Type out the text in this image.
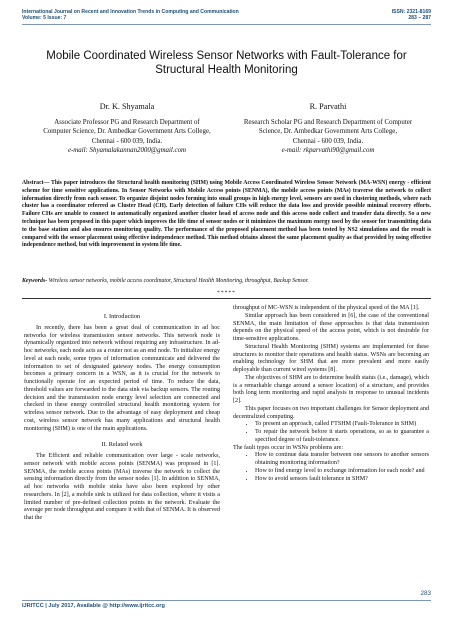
International Journal on Recent and Innovation Trends in Computing and Communication
Volume: 5 Issue: 7
ISSN: 2321-8169
283 – 287
Mobile Coordinated Wireless Sensor Networks with Fault-Tolerance for Structural Health Monitoring
Dr. K. Shyamala
Associate Professor PG and Research Department of
Computer Science, Dr. Ambedkar Government Arts College,
Chennai - 600 039, India.
e-mail: Shyamalakannan2000@gmail.com
R. Parvathi
Research Scholar PG and Research Department of Computer
Science, Dr. Ambedkar Government Arts College,
Chennai - 600 039, India.
e-mail: rkparvathi90@gmail.com
Abstract— This paper introduces the Structural health monitoring (SHM) using Mobile Access Coordinated Wireless Sensor Network (MA-WSN) energy - efficient scheme for time sensitive applications. In Sensor Networks with Mobile Access points (SENMA), the mobile access points (MAs) traverse the network to collect information directly from each sensor. To organize disjoint nodes forming into small groups in high energy level, sensors are used in clustering methods, where each cluster has a coordinator referred as Cluster Head (CH). Early detection of failure CHs will reduce the data loss and provide possible minimal recovery efforts. Failure CHs are unable to connect to automatically organized another cluster head of access node and this access node collect and transfer data directly. So a new technique has been proposed in this paper which improves the life time of sensor nodes or it minimizes the maximum energy used by the sensor for transmitting data to the base station and also ensures monitoring quality. The performance of the proposed placement method has been tested by NS2 simulations and the result is compared with the sensor placement using effective independence method. This method obtains almost the same placement quality as that provided by using effective independence method, but with improvement in system life time.
Keywords- Wireless sensor networks, mobile access coordinator, Structural Health Monitoring, throughput, Backup Sensor.
*****
I. Introduction

In recently, there has been a great deal of communication in ad hoc networks for wireless transmission sensor networks. This network node is dynamically organized into network without requiring any infrastructure. In ad- hoc networks, each node acts as a router not as an end node. To initialize energy level at each node, some types of information communicate and delivered the information to set of designated gateway nodes. The energy consumption becomes a primary concern in a WSN, as it is crucial for the network to functionally operate for an expected period of time. To reduce the data, threshold values are forwarded to the data sink via backup sensors. The routing decision and the transmission node energy level selection are connected and checked in these energy controlled structural health monitoring system for wireless sensor network. Due to the advantage of easy deployment and cheap cost, wireless sensor network has many applications and structural health monitoring (SHM) is one of the main applications.

II. Related work

The Efficient and reliable communication over large - scale networks, sensor network with mobile access points (SENMA) was proposed in [1]. SENMA, the mobile access points (MAs) traverse the network to collect the sensing information directly from the sensor nodes [1]. In addition to SENMA, ad hoc networks with mobile sinks have also been explored by other researchers. In [2], a mobile sink is utilized for data collection, where it visits a limited number of pre-defined collection points in the network. Evaluate the average per node throughput and compare it with that of SENMA. It is observed that the

throughput of MC-WSN is independent of the physical speed of the MA [1].

Similar approach has been considered in [6], the case of the conventional SENMA, the main limitation of these approaches is that data transmission depends on the physical speed of the access point, which is not desirable for time-sensitive applications.

Structural Health Monitoring (SHM) systems are implemented for these structures to monitor their operations and health status. WSNs are becoming an enabling technology for SHM that are more prevalent and more easily deployable than current wired systems [8].

The objectives of SHM are to determine health status (i.e., damage), which is a remarkable change around a sensor location) of a structure, and provides both long term monitoring and rapid analysis in response to unusual incidents [2].

This paper focuses on two important challenges for Sensor deployment and decentralized computing.

• To present an approach, called FTSHM (Fault-Tolerance in SHM)
• To repair the network before it starts operations, so as to guarantee a specified degree of fault-tolerance.

The fault types occur in WSNs problems are:

• How to continue data transfer between one sensors to another sensors obtaining monitoring information?
• How to find energy level to exchange information for each node? and
• How to avoid sensors fault tolerance in SHM?
283
IJRITCC | July 2017, Available @ http://www.ijritcc.org
